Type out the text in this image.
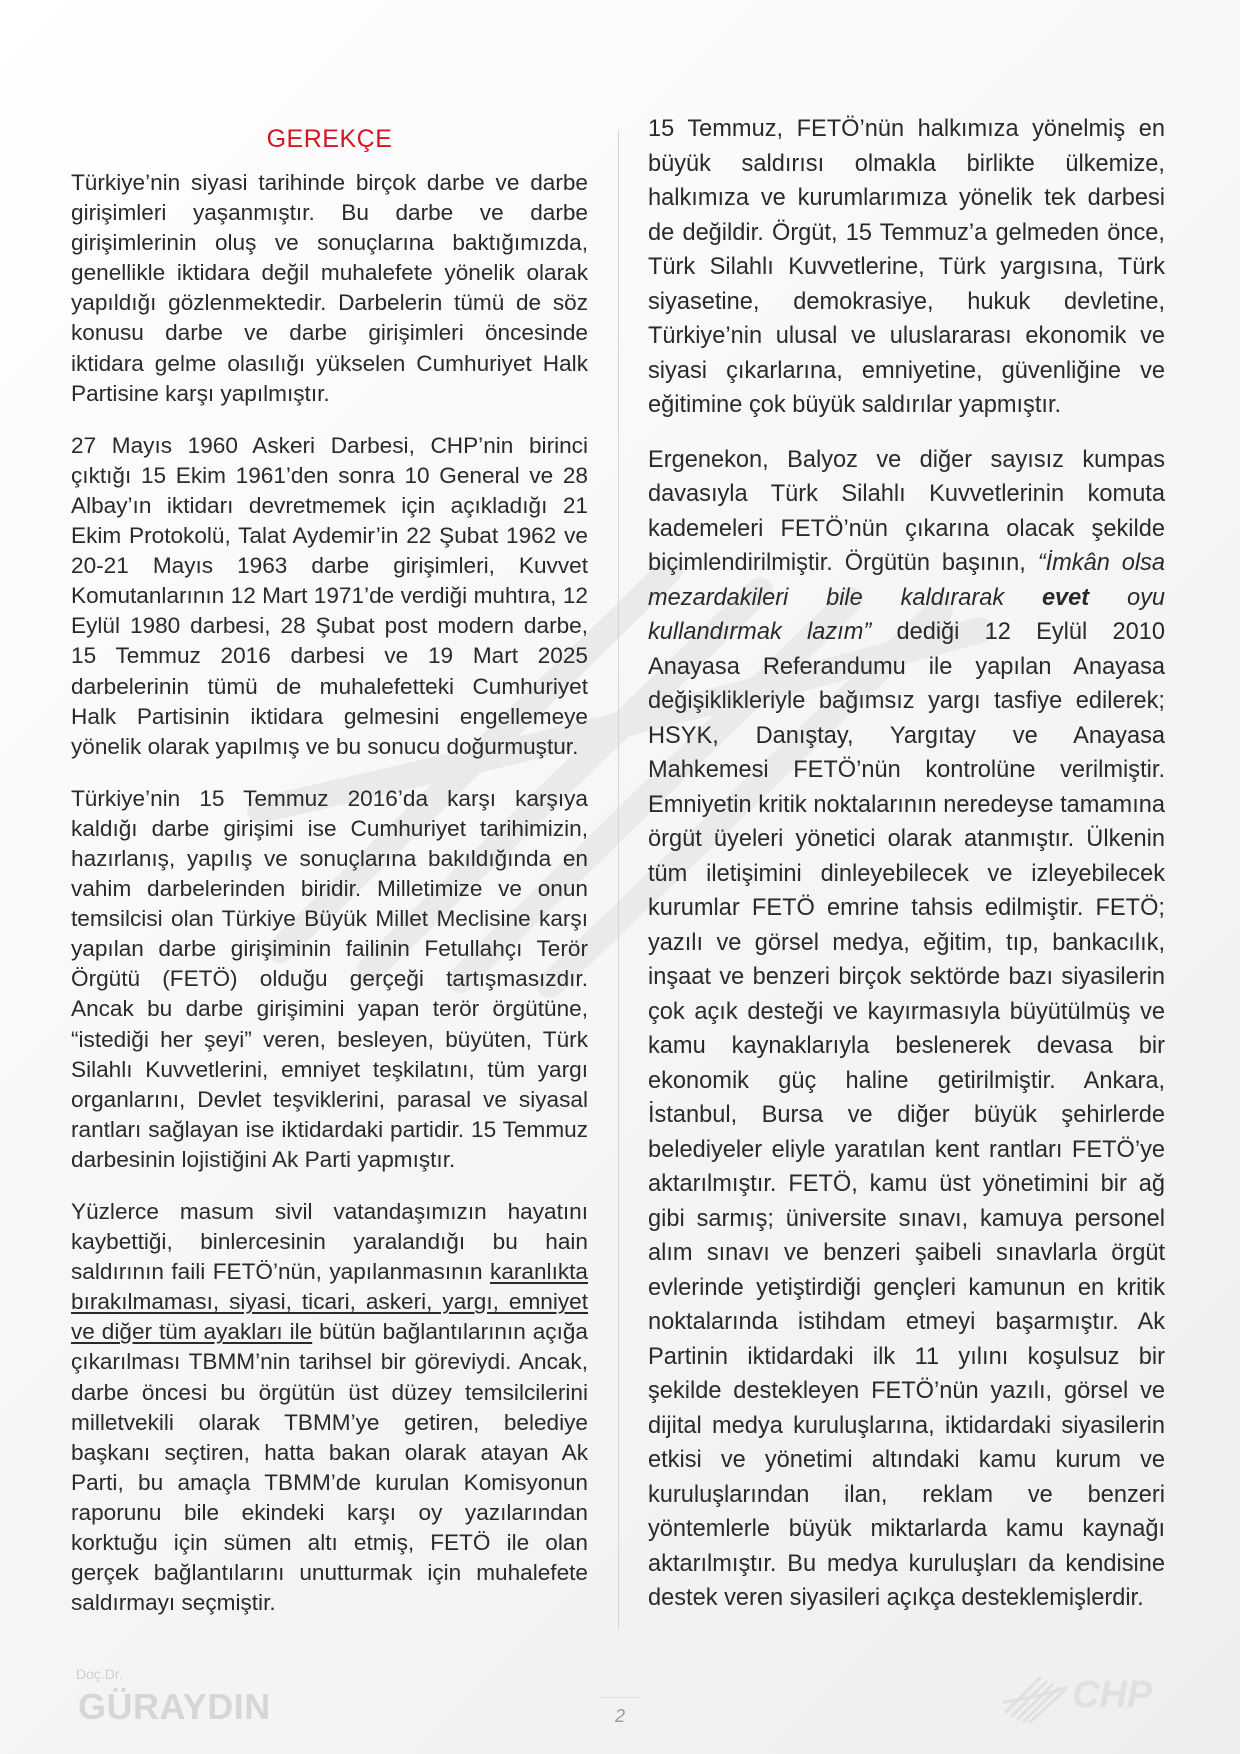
GEREKÇE

Türkiye’nin siyasi tarihinde birçok darbe ve darbe girişimleri yaşanmıştır. Bu darbe ve darbe girişimlerinin oluş ve sonuçlarına baktığımızda, genellikle iktidara değil muhalefete yönelik olarak yapıldığı gözlenmektedir. Darbelerin tümü de söz konusu darbe ve darbe girişimleri öncesinde iktidara gelme olasılığı yükselen Cumhuriyet Halk Partisine karşı yapılmıştır.

27 Mayıs 1960 Askeri Darbesi, CHP’nin birinci çıktığı 15 Ekim 1961’den sonra 10 General ve 28 Albay’ın iktidarı devretmemek için açıkladığı 21 Ekim Protokolü, Talat Aydemir’in 22 Şubat 1962 ve 20-21 Mayıs 1963 darbe girişimleri, Kuvvet Komutanlarının 12 Mart 1971’de verdiği muhtıra, 12 Eylül 1980 darbesi, 28 Şubat post modern darbe, 15 Temmuz 2016 darbesi ve 19 Mart 2025 darbelerinin tümü de muhalefetteki Cumhuriyet Halk Partisinin iktidara gelmesini engellemeye yönelik olarak yapılmış ve bu sonucu doğurmuştur.

Türkiye’nin 15 Temmuz 2016’da karşı karşıya kaldığı darbe girişimi ise Cumhuriyet tarihimizin, hazırlanış, yapılış ve sonuçlarına bakıldığında en vahim darbelerinden biridir. Milletimize ve onun temsilcisi olan Türkiye Büyük Millet Meclisine karşı yapılan darbe girişiminin failinin Fetullahçı Terör Örgütü (FETÖ) olduğu gerçeği tartışmasızdır. Ancak bu darbe girişimini yapan terör örgütüne, “istediği her şeyi” veren, besleyen, büyüten, Türk Silahlı Kuvvetlerini, emniyet teşkilatını, tüm yargı organlarını, Devlet teşviklerini, parasal ve siyasal rantları sağlayan ise iktidardaki partidir. 15 Temmuz darbesinin lojistiğini Ak Parti yapmıştır.

Yüzlerce masum sivil vatandaşımızın hayatını kaybettiği, binlercesinin yaralandığı bu hain saldırının faili FETÖ’nün, yapılanmasının karanlıkta bırakılmaması, siyasi, ticari, askeri, yargı, emniyet ve diğer tüm ayakları ile bütün bağlantılarının açığa çıkarılması TBMM’nin tarihsel bir göreviydi. Ancak, darbe öncesi bu örgütün üst düzey temsilcilerini milletvekili olarak TBMM’ye getiren, belediye başkanı seçtiren, hatta bakan olarak atayan Ak Parti, bu amaçla TBMM’de kurulan Komisyonun raporunu bile ekindeki karşı oy yazılarından korktuğu için sümen altı etmiş, FETÖ ile olan gerçek bağlantılarını unutturmak için muhalefete saldırmayı seçmiştir.

15 Temmuz, FETÖ’nün halkımıza yönelmiş en büyük saldırısı olmakla birlikte ülkemize, halkımıza ve kurumlarımıza yönelik tek darbesi de değildir. Örgüt, 15 Temmuz’a gelmeden önce, Türk Silahlı Kuvvetlerine, Türk yargısına, Türk siyasetine, demokrasiye, hukuk devletine, Türkiye’nin ulusal ve uluslararası ekonomik ve siyasi çıkarlarına, emniyetine, güvenliğine ve eğitimine çok büyük saldırılar yapmıştır.

Ergenekon, Balyoz ve diğer sayısız kumpas davasıyla Türk Silahlı Kuvvetlerinin komuta kademeleri FETÖ’nün çıkarına olacak şekilde biçimlendirilmiştir. Örgütün başının, “İmkân olsa mezardakileri bile kaldırarak evet oyu kullandırmak lazım” dediği 12 Eylül 2010 Anayasa Referandumu ile yapılan Anayasa değişiklikleriyle bağımsız yargı tasfiye edilerek; HSYK, Danıştay, Yargıtay ve Anayasa Mahkemesi FETÖ’nün kontrolüne verilmiştir. Emniyetin kritik noktalarının neredeyse tamamına örgüt üyeleri yönetici olarak atanmıştır. Ülkenin tüm iletişimini dinleyebilecek ve izleyebilecek kurumlar FETÖ emrine tahsis edilmiştir. FETÖ; yazılı ve görsel medya, eğitim, tıp, bankacılık, inşaat ve benzeri birçok sektörde bazı siyasilerin çok açık desteği ve kayırmasıyla büyütülmüş ve kamu kaynaklarıyla beslenerek devasa bir ekonomik güç haline getirilmiştir. Ankara, İstanbul, Bursa ve diğer büyük şehirlerde belediyeler eliyle yaratılan kent rantları FETÖ’ye aktarılmıştır. FETÖ, kamu üst yönetimini bir ağ gibi sarmış; üniversite sınavı, kamuya personel alım sınavı ve benzeri şaibeli sınavlarla örgüt evlerinde yetiştirdiği gençleri kamunun en kritik noktalarında istihdam etmeyi başarmıştır. Ak Partinin iktidardaki ilk 11 yılını koşulsuz bir şekilde destekleyen FETÖ’nün yazılı, görsel ve dijital medya kuruluşlarına, iktidardaki siyasilerin etkisi ve yönetimi altındaki kamu kurum ve kuruluşlarından ilan, reklam ve benzeri yöntemlerle büyük miktarlarda kamu kaynağı aktarılmıştır. Bu medya kuruluşları da kendisine destek veren siyasileri açıkça desteklemişlerdir.

Doç.Dr.
GÜRAYDIN	2	CHP
